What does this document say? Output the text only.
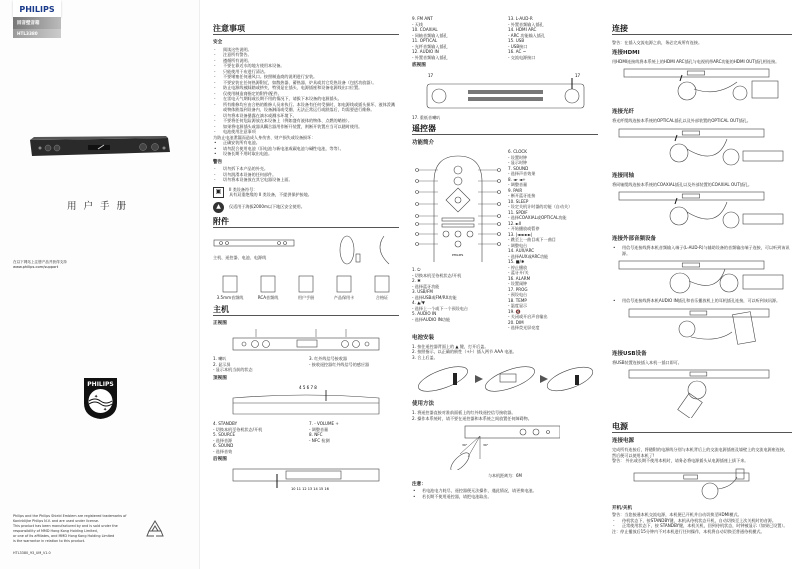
PHILIPS
回音壁音箱
HTL3380
用户手册
在以下网站上注册产品并获得支持
www.philips.com/support
PHILIPS
✦
✦
Philips and the Philips Shield Emblem are registered trademarks of
Koninklijke Philips N.V. and are used under license.
This product has been manufactured by and is sold under the
responsibility of MMD Hong Kong Holding Limited,
or one of its affiliates, and MMD Hong Kong Holding Limited
is the warrantor in relation to this product.
HTL3380_93_UM_V1.0
注意事项
安全
- 阅读这些说明。
- 注意所有警告。
- 遵循所有说明。
- 不要在靠近水的地方使用本设备。
- 只能使用干布进行清洁。
- 不要堵塞任何通风口。按照制造商的说明进行安装。
- 不要安装在任何热源附近，如散热器、蓄热器、炉具或其它发热设备（包括功放器）。
- 防止电源线被踩踏或挤夹，特别是在插头、电源插座和设备电源线出口位置。
- 仅使用制造商指定的附件/配件。
- 在雷电天气期间或长期不用的情况下，请拔下本设备的电源插头。
- 所有维修均应由合格的维修人员来执行。本设备有任何受损时，如电源线或插头损坏、液体泼溅或物体跌落到设备内、设备淋雨或受潮、无法正常运行或跌落后，均需要进行维修。
- 切勿将本设备暴露在滴水或溅水环境下。
- 不要将任何危险源放在本设备上（例如盛有液体的物体、点燃的蜡烛）。
- 如果将电源插头或器具耦合器用作断开装置，则断开装置应当可以随时使用。
- 电池使用注意事项
为防止电池泄漏而造成人身伤害、财产损失或设备损坏：
• 正确安装所有电池。
• 请勿混合使用电池（旧电池与新电池或碳电池与碱性电池，等等）。
• 设备长期不用时取出电池。
警告
- 切勿拆下本产品的外壳。
- 切勿润滑本设备的任何部件。
- 切勿将本设备放在其它电器设备上面。
▣	II 类设备符号：
具有双重绝缘的 II 类设备，不提供保护接地。
▲	仅适用于海拔2000m以下地区安全使用。
附件
主机、遥控器、电池、电源线
3.5mm音频线	RCA音频线	用户手册	产品保用卡	合格证
主机
正视图
1. 喇叭
2. 显示屏
- 显示本机当前的状态
3. 红外线信号接收器
- 接收遥控器红外线信号的感应器
顶视图
4 5 6 7 8
4. STANDBY
- 切换本机至待机状态/开机
5. SOURCE
- 选择音源
6. SOUND
- 选择音效
7. - VOLUME +
- 调整音量
8. NFC
- NFC 检测
后视图
10 11 12 13 14 15 16
9. FM ANT
- 天线
10. COAXIAL
- 同轴音频输入插孔
11. OPTICAL
- 光纤音频输入插孔
12. AUDIO IN
- 外置音频输入插孔
13. L-AUD-R
- 外置音频输入插孔
14. HDMI ARC
- ARC 功能输入插孔
15. USB
- USB接口
16. AC ~
- 交流电源接口
底视图
17	17
17. 重低音喇叭
遥控器
功能简介
PHILIPS
1. ⏻
- 切换本机至待机状态/开机
2. ✱
- 选择蓝牙功能
3. USB/FM
- 选择USB或FM/RX功能
4. ▲/▼
- 选择上一个或下一个预设电台
5. AUDIO IN
- 选择AUDIO IN功能
6. CLOCK
- 设置时钟
- 显示时钟
7. SOUND
- 选择声音效果
8. ◄- ◄+
- 调整音量
9. PAIR
- 断开蓝牙连接
10. SLEEP
- 设定关机计时器的功能（自动关）
11. SPDIF
- 选择COAXIAL或OPTICAL功能
12. ►II
- 开始播放或暂停
13. |◄◄ ►►|
- 跳至上一曲目或下一曲目
- 调整电台
14. AUX/ARC
- 选择AUX或ARC功能
15. ■/✱
- 停止播放
- 蓝牙开/关
16. ALARM
- 设置闹钟
17. PROG
- 预设电台
18. TEMP
- 温度显示
19. 🔇
- 关闭或开启声音输出
20. DIM
- 选择荧光屏亮度
电池安装
1. 按住遥控器背面上的 ▲ 键，打开后盖。
2. 按照指示，以正确的极性（+/-）插入两节 AAA 电池。
3. 合上后盖。
使用方法
1. 将遥控器直接对准前面板上的红外线遥控信号接收器。
2. 操作本系统时，请不要在遥控器和本系统之间放置任何障碍物。
30°	30°
与本机距离为：6M
注意：
• 若电池电力耗尽，遥控器便无法操作，遇此情况，请更换电池。
• 若长期不使用遥控器，请把电池取出。
连接
警告：在插入交流电源之前，务必完成所有连接。
连接HDMI
用HDMI连接线将本系统上的HDMI ARC插孔与电视机带ARC功能的HDMI OUT插孔相连接。
连接光纤
将光纤缆线连接本系统的OPTICAL插孔以及外部装置的OPTICAL OUT插孔。
连接同轴
将同轴缆线连接本系统的COAXIAL插孔以及外部装置的COAXIAL OUT插孔。
连接外部音频设备
• 用信号连接线将本机音频输入端子(L-AUD-R)与辅助设备的音频输出端子连接，可以听到该讯源。
• 用信号连接线将本机AUDIO IN插孔和音乐播放机上的耳机插孔连接，可以听到该讯源。
连接USB设备
将USB装置连接插入本机一插口即可。
电源
连接电源
完成所有连接后，将随附的电源线分别与本机背后上的交流电源插座及墙壁上的交流电源座连接，然后便可以使用本机了!
警告： 外出或长期不使用本机时，请务必将电源插头从电源插座上拔下来。
开机/关机
警告：当您接通本机交流电源，本机便已开机并自动切换至HDMI模式。
- 待机状态下，按STANDBY键，本机从待机状态开机，自动切换至上次关机时的音源。
- 正常使用状态下，按 STANDBY键，本机关机，回到待机状态，时钟被显示（如果已设置）。
注：停止播放后15分钟内不对本机进行任何操作，本机将自动切换至普通待机模式。
